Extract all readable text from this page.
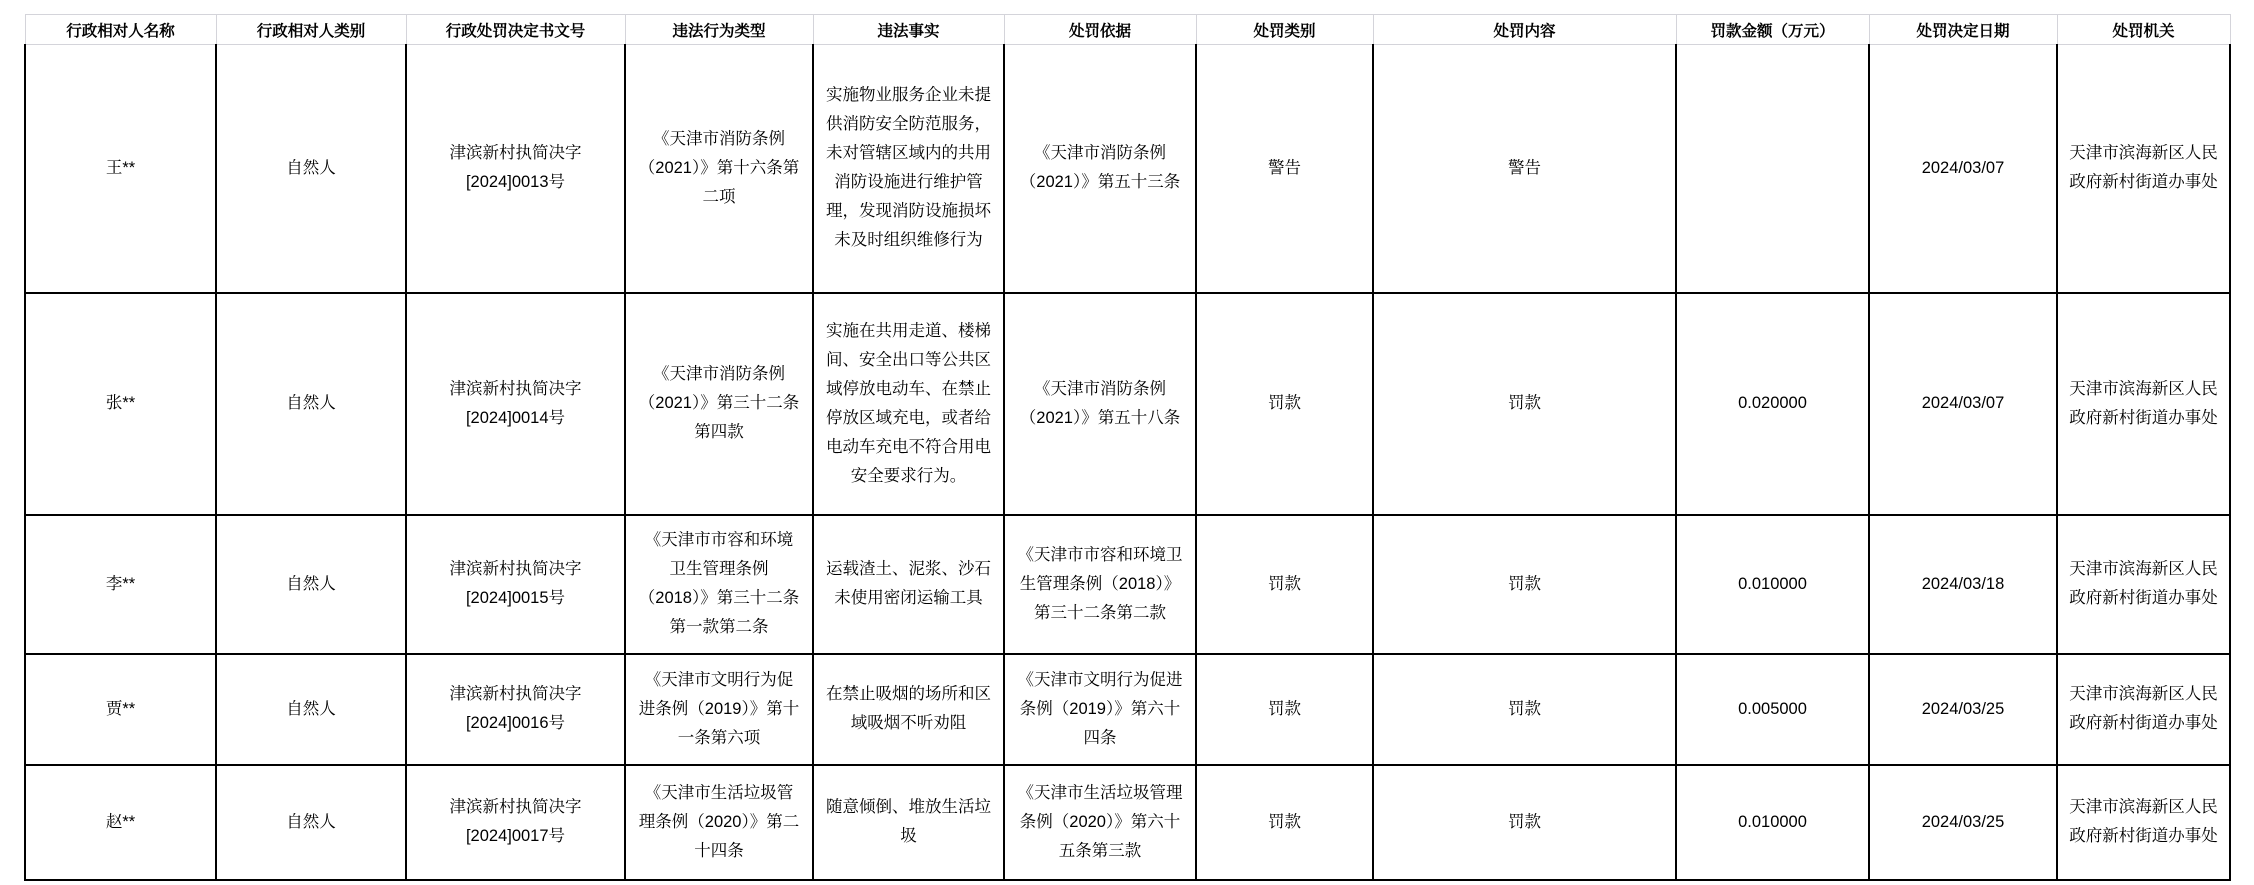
行政相对人名称	行政相对人类别	行政处罚决定书文号	违法行为类型	违法事实	处罚依据	处罚类别	处罚内容	罚款金额（万元）	处罚决定日期	处罚机关
王**	自然人	津滨新村执简决字[2024]0013号	《天津市消防条例（2021）》第十六条第二项	实施物业服务企业未提供消防安全防范服务，未对管辖区域内的共用消防设施进行维护管理，发现消防设施损坏未及时组织维修行为	《天津市消防条例（2021）》第五十三条	警告	警告		2024/03/07	天津市滨海新区人民政府新村街道办事处
张**	自然人	津滨新村执简决字[2024]0014号	《天津市消防条例（2021）》第三十二条第四款	实施在共用走道、楼梯间、安全出口等公共区域停放电动车、在禁止停放区域充电，或者给电动车充电不符合用电安全要求行为。	《天津市消防条例（2021）》第五十八条	罚款	罚款	0.020000	2024/03/07	天津市滨海新区人民政府新村街道办事处
李**	自然人	津滨新村执简决字[2024]0015号	《天津市市容和环境卫生管理条例（2018）》第三十二条第一款第二条	运载渣土、泥浆、沙石未使用密闭运输工具	《天津市市容和环境卫生管理条例（2018）》第三十二条第二款	罚款	罚款	0.010000	2024/03/18	天津市滨海新区人民政府新村街道办事处
贾**	自然人	津滨新村执简决字[2024]0016号	《天津市文明行为促进条例（2019）》第十一条第六项	在禁止吸烟的场所和区域吸烟不听劝阻	《天津市文明行为促进条例（2019）》第六十四条	罚款	罚款	0.005000	2024/03/25	天津市滨海新区人民政府新村街道办事处
赵**	自然人	津滨新村执简决字[2024]0017号	《天津市生活垃圾管理条例（2020）》第二十四条	随意倾倒、堆放生活垃圾	《天津市生活垃圾管理条例（2020）》第六十五条第三款	罚款	罚款	0.010000	2024/03/25	天津市滨海新区人民政府新村街道办事处
